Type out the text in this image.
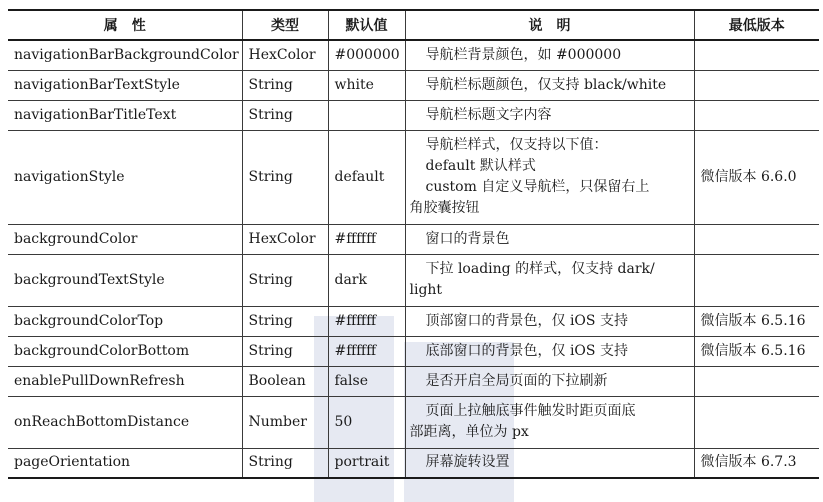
属　性	类型	默认值	说　明	最低版本
navigationBarBackgroundColor	HexColor	#000000	导航栏背景颜色，如 #000000	

navigationBarTextStyle	String	white	导航栏标题颜色，仅支持 black/white	

navigationBarTitleText	String		导航栏标题文字内容	

navigationStyle	String	default	导航栏样式，仅支持以下值：
default 默认样式
custom 自定义导航栏，只保留右上
角胶囊按钮	微信版本 6.6.0
backgroundColor	HexColor	#ffffff	窗口的背景色	

backgroundTextStyle	String	dark	下拉 loading 的样式，仅支持 dark/
light	

backgroundColorTop	String	#ffffff	顶部窗口的背景色，仅 iOS 支持	微信版本 6.5.16
backgroundColorBottom	String	#ffffff	底部窗口的背景色，仅 iOS 支持	微信版本 6.5.16
enablePullDownRefresh	Boolean	false	是否开启全局页面的下拉刷新	

onReachBottomDistance	Number	50	页面上拉触底事件触发时距页面底
部距离，单位为 px	

pageOrientation	String	portrait	屏幕旋转设置	微信版本 6.7.3
